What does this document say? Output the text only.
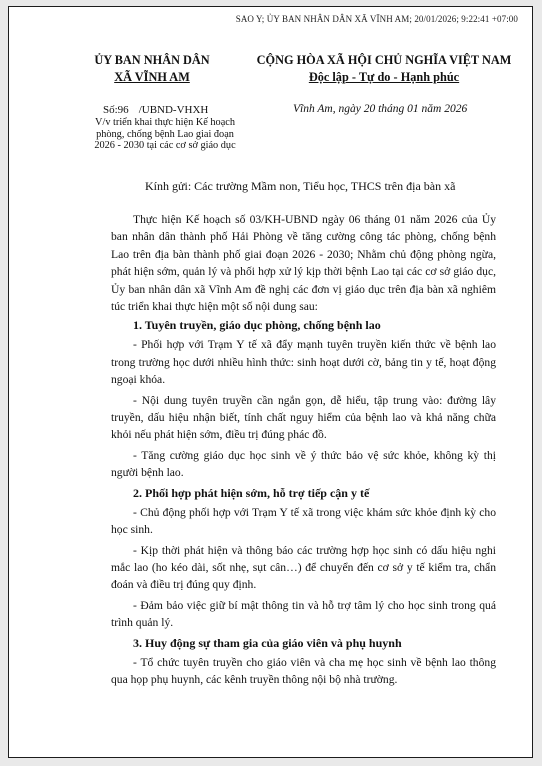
SAO Y; ỦY BAN NHÂN DÂN XÃ VĨNH AM; 20/01/2026; 9:22:41 +07:00
ỦY BAN NHÂN DÂN
XÃ VĨNH AM
CỘNG HÒA XÃ HỘI CHỦ NGHĨA VIỆT NAM
Độc lập - Tự do - Hạnh phúc
Số:96 /UBND-VHXH
V/v triển khai thực hiện Kế hoạch
phòng, chống bệnh Lao giai đoạn
2026 - 2030 tại các cơ sở giáo dục
Vĩnh Am, ngày 20 tháng 01 năm 2026
Kính gửi: Các trường Mầm non, Tiểu học, THCS trên địa bàn xã

Thực hiện Kế hoạch số 03/KH-UBND ngày 06 tháng 01 năm 2026 của Ủy ban nhân dân thành phố Hải Phòng về tăng cường công tác phòng, chống bệnh Lao trên địa bàn thành phố giai đoạn 2026 - 2030; Nhằm chủ động phòng ngừa, phát hiện sớm, quản lý và phối hợp xử lý kịp thời bệnh Lao tại các cơ sở giáo dục, Ủy ban nhân dân xã Vĩnh Am đề nghị các đơn vị giáo dục trên địa bàn xã nghiêm túc triển khai thực hiện một số nội dung sau:

1. Tuyên truyền, giáo dục phòng, chống bệnh lao

- Phối hợp với Trạm Y tế xã đẩy mạnh tuyên truyền kiến thức về bệnh lao trong trường học dưới nhiều hình thức: sinh hoạt dưới cờ, bảng tin y tế, hoạt động ngoại khóa.

- Nội dung tuyên truyền cần ngắn gọn, dễ hiểu, tập trung vào: đường lây truyền, dấu hiệu nhận biết, tính chất nguy hiểm của bệnh lao và khả năng chữa khỏi nếu phát hiện sớm, điều trị đúng phác đồ.

- Tăng cường giáo dục học sinh về ý thức bảo vệ sức khỏe, không kỳ thị người bệnh lao.

2. Phối hợp phát hiện sớm, hỗ trợ tiếp cận y tế

- Chủ động phối hợp với Trạm Y tế xã trong việc khám sức khỏe định kỳ cho học sinh.

- Kịp thời phát hiện và thông báo các trường hợp học sinh có dấu hiệu nghi mắc lao (ho kéo dài, sốt nhẹ, sụt cân…) để chuyển đến cơ sở y tế kiểm tra, chẩn đoán và điều trị đúng quy định.

- Đảm bảo việc giữ bí mật thông tin và hỗ trợ tâm lý cho học sinh trong quá trình quản lý.

3. Huy động sự tham gia của giáo viên và phụ huynh

- Tổ chức tuyên truyền cho giáo viên và cha mẹ học sinh về bệnh lao thông qua họp phụ huynh, các kênh truyền thông nội bộ nhà trường.
